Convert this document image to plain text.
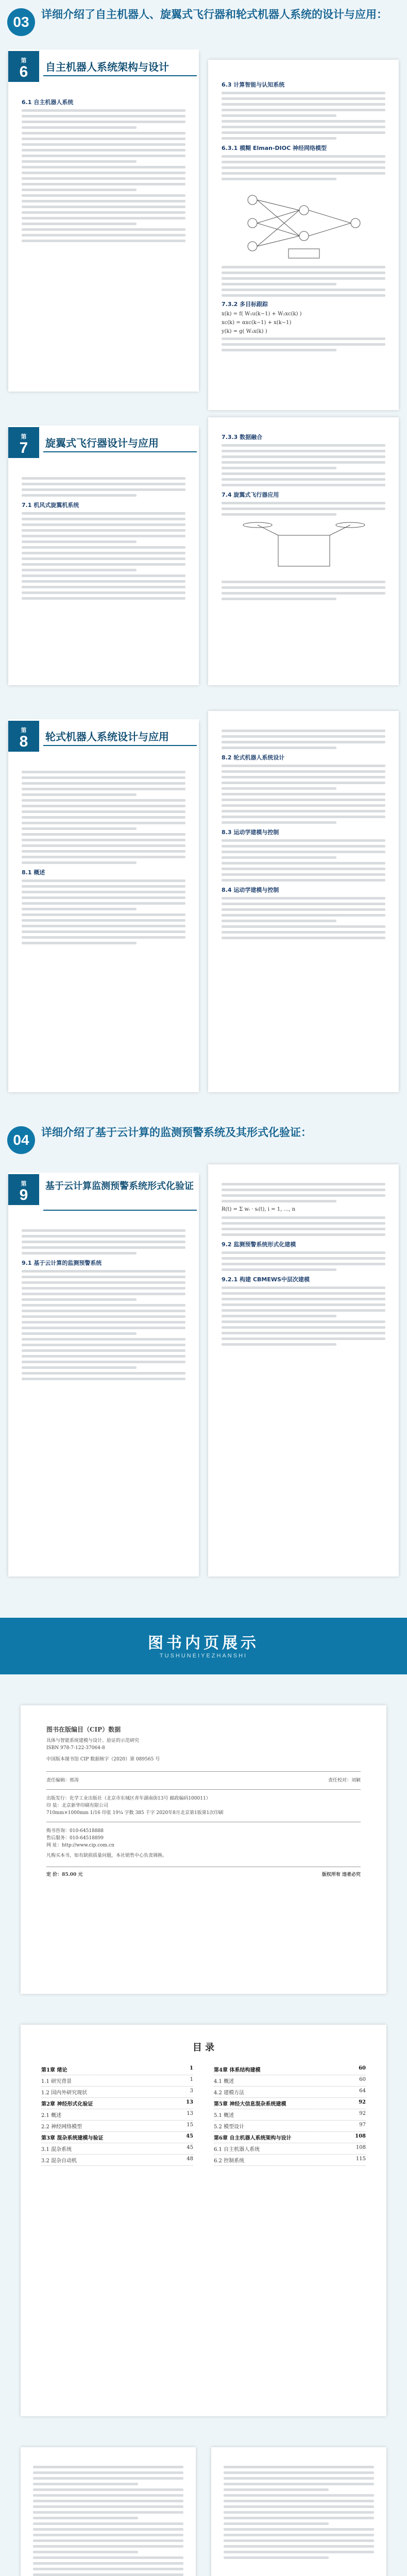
03	详细介绍了自主机器人、旋翼式飞行器和轮式机器人系统的设计与应用：
6.1 自主机器人系统
6.3 计算智能与认知系统
6.3.1 模糊 Elman-DIOC 神经网络模型
7.3.2 多目标跟踪
x(k) = f( W₁u(k−1) + W₂xc(k) )
xc(k) = αxc(k−1) + x(k−1)
y(k) = g( W₃x(k) )
第
6	自主机器人系统架构与设计
7.1 机风式旋翼机系统
第
7	旋翼式飞行器设计与应用
7.3.3 数据融合
7.4 旋翼式飞行器应用
8.1 概述
第
8	轮式机器人系统设计与应用
8.2 轮式机器人系统设计
8.3 运动学建模与控制
8.4 运动学建模与控制
04	详细介绍了基于云计算的监测预警系统及其形式化验证：
9.1 基于云计算的监测预警系统
第
9
基于云计算监测预警系统形式化验证
R(t) = Σ wᵢ · sᵢ(t), i = 1, …, n
9.2 监测预警系统形式化建模
9.2.1 构建 CBMEWS中层次建模
图书内页展示
TUSHUNEIYEZHANSHI
图书在版编目（CIP）数据
具体与智能系统建模与设计、验证的示范研究
ISBN 978-7-122-37064-8
中国版本图书馆 CIP 数据核字（2020）第 089565 号
责任编辑：邢涛	责任校对：刘颖
出版发行：化学工业出版社（北京市东城区青年湖南街13号 邮政编码100011）
印 装：北京新华印刷有限公司
710mm×1000mm 1/16 印张 19¼ 字数 385 千字 2020年8月北京第1版第1次印刷
购书咨询：010-64518888
售后服务：010-64518899
网 址：http://www.cip.com.cn
凡购买本书，如有缺损质量问题，本社销售中心负责调换。
定 价：85.00 元	版权所有 违者必究
目 录
第1章 绪论	1
1.1 研究背景	1
1.2 国内外研究现状	3
第2章 神经形式化验证	13
2.1 概述	13
2.2 神经网络模型	15
第3章 混杂系统建模与验证	45
3.1 混杂系统	45
3.2 混杂自动机	48
第4章 体系结构建模	60
4.1 概述	60
4.2 建模方法	64
第5章 神经大信息混杂系统建模	92
5.1 概述	92
5.2 模型设计	97
第6章 自主机器人系统架构与设计	108
6.1 自主机器人系统	108
6.2 控制系统	115
